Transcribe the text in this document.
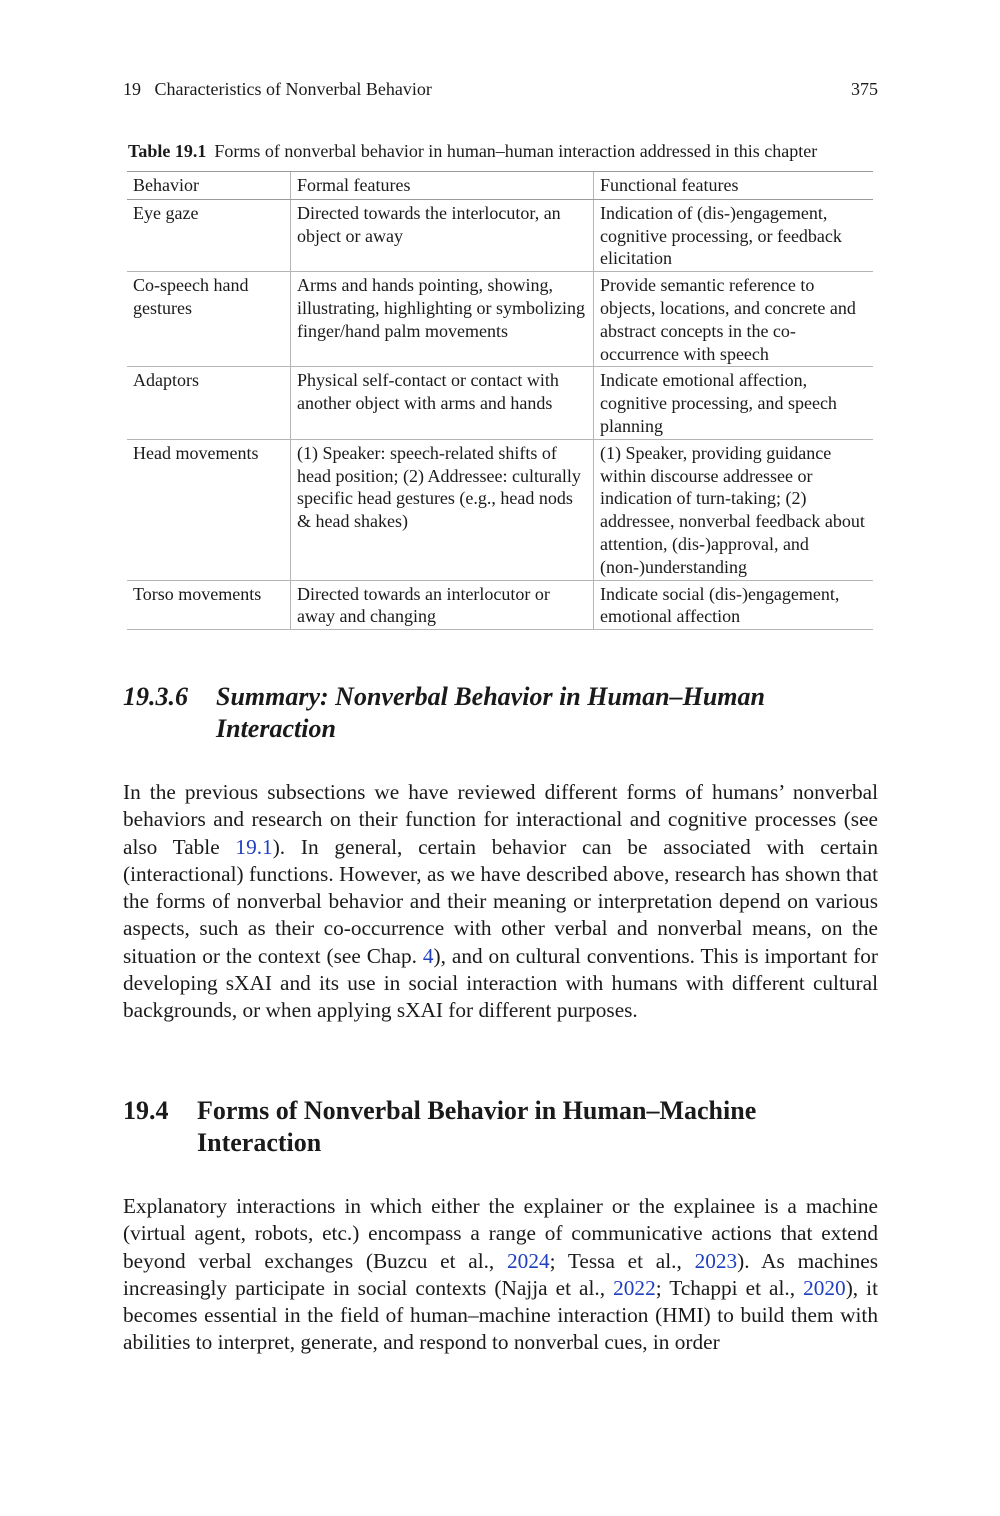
19   Characteristics of Nonverbal Behavior	375
Table 19.1 Forms of nonverbal behavior in human–human interaction addressed in this chapter
Behavior	Formal features	Functional features
Eye gaze	Directed towards the interlocutor, an object or away	Indication of (dis-)engagement, cognitive processing, or feedback elicitation
Co-speech hand gestures	Arms and hands pointing, showing, illustrating, highlighting or symbolizing finger/hand palm movements	Provide semantic reference to objects, locations, and concrete and abstract concepts in the co-occurrence with speech
Adaptors	Physical self-contact or contact with another object with arms and hands	Indicate emotional affection, cognitive processing, and speech planning
Head movements	(1) Speaker: speech-related shifts of head position; (2) Addressee: culturally specific head gestures (e.g., head nods & head shakes)	(1) Speaker, providing guidance within discourse addressee or indication of turn-taking; (2) addressee, nonverbal feedback about attention, (dis-)approval, and (non-)understanding
Torso movements	Directed towards an interlocutor or away and changing	Indicate social (dis-)engagement, emotional affection
19.3.6	Summary: Nonverbal Behavior in Human–Human Interaction

In the previous subsections we have reviewed different forms of humans’ nonverbal behaviors and research on their function for interactional and cognitive processes (see also Table 19.1). In general, certain behavior can be associated with certain (interactional) functions. However, as we have described above, research has shown that the forms of nonverbal behavior and their meaning or interpretation depend on various aspects, such as their co-occurrence with other verbal and nonverbal means, on the situation or the context (see Chap. 4), and on cultural conventions. This is important for developing sXAI and its use in social interaction with humans with different cultural backgrounds, or when applying sXAI for different purposes.

19.4	Forms of Nonverbal Behavior in Human–Machine Interaction

Explanatory interactions in which either the explainer or the explainee is a machine (virtual agent, robots, etc.) encompass a range of communicative actions that extend beyond verbal exchanges (Buzcu et al., 2024; Tessa et al., 2023). As machines increasingly participate in social contexts (Najja et al., 2022; Tchappi et al., 2020), it becomes essential in the field of human–machine interaction (HMI) to build them with abilities to interpret, generate, and respond to nonverbal cues, in order
